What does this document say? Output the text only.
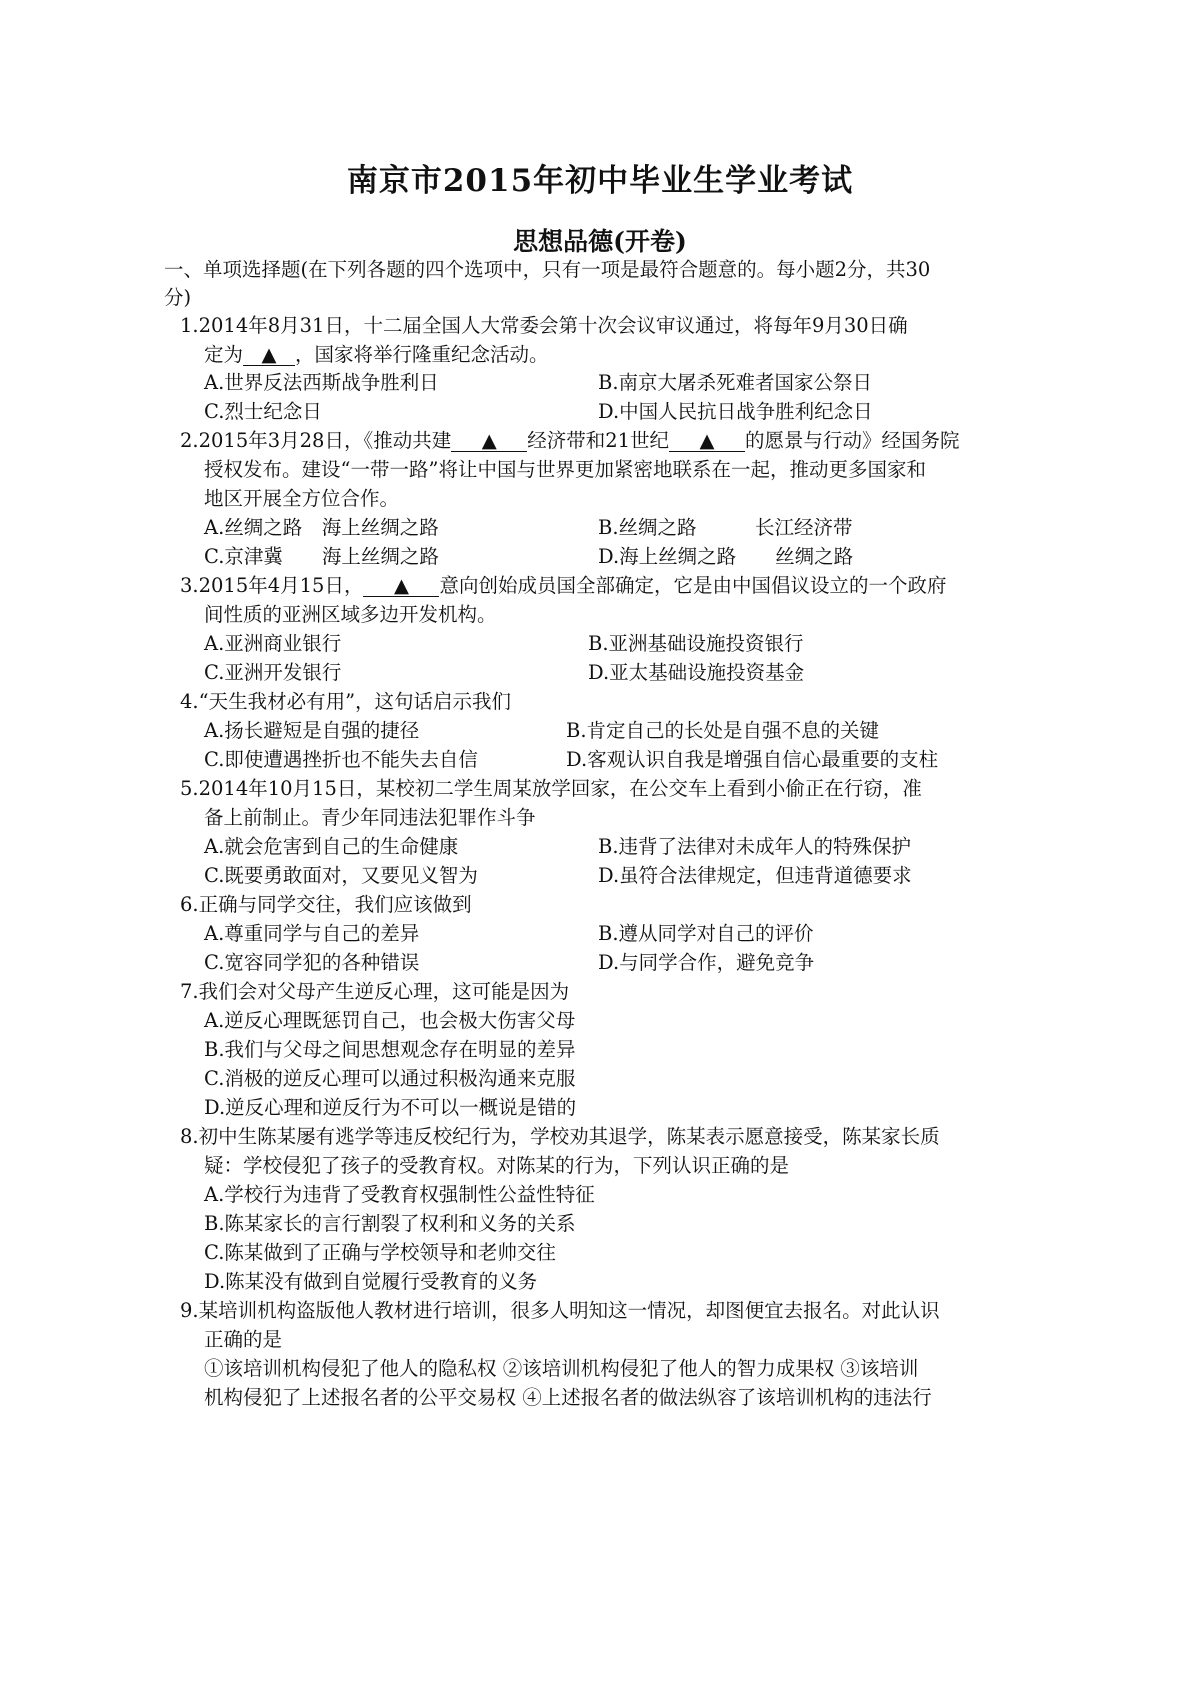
南京市2015年初中毕业生学业考试
思想品德(开卷)
一、单项选择题(在下列各题的四个选项中，只有一项是最符合题意的。每小题2分，共30
分)
1.2014年8月31日，十二届全国人大常委会第十次会议审议通过，将每年9月30日确
定为 ▲ ，国家将举行隆重纪念活动。
A.世界反法西斯战争胜利日	B.南京大屠杀死难者国家公祭日
C.烈士纪念日	D.中国人民抗日战争胜利纪念日
2.2015年3月28日，《推动共建 ▲ 经济带和21世纪 ▲ 的愿景与行动》经国务院
授权发布。建设“一带一路”将让中国与世界更加紧密地联系在一起，推动更多国家和
地区开展全方位合作。
A.丝绸之路　海上丝绸之路	B.丝绸之路　　　长江经济带
C.京津冀　　海上丝绸之路	D.海上丝绸之路　　丝绸之路
3.2015年4月15日， ▲ 意向创始成员国全部确定，它是由中国倡议设立的一个政府
间性质的亚洲区域多边开发机构。
A.亚洲商业银行	B.亚洲基础设施投资银行
C.亚洲开发银行	D.亚太基础设施投资基金
4.“天生我材必有用”，这句话启示我们
A.扬长避短是自强的捷径	B.肯定自己的长处是自强不息的关键
C.即使遭遇挫折也不能失去自信	D.客观认识自我是增强自信心最重要的支柱
5.2014年10月15日，某校初二学生周某放学回家，在公交车上看到小偷正在行窃，准
备上前制止。青少年同违法犯罪作斗争
A.就会危害到自己的生命健康	B.违背了法律对未成年人的特殊保护
C.既要勇敢面对，又要见义智为	D.虽符合法律规定，但违背道德要求
6.正确与同学交往，我们应该做到
A.尊重同学与自己的差异	B.遵从同学对自己的评价
C.宽容同学犯的各种错误	D.与同学合作，避免竞争
7.我们会对父母产生逆反心理，这可能是因为
A.逆反心理既惩罚自己，也会极大伤害父母
B.我们与父母之间思想观念存在明显的差异
C.消极的逆反心理可以通过积极沟通来克服
D.逆反心理和逆反行为不可以一概说是错的
8.初中生陈某屡有逃学等违反校纪行为，学校劝其退学，陈某表示愿意接受，陈某家长质
疑：学校侵犯了孩子的受教育权。对陈某的行为，下列认识正确的是
A.学校行为违背了受教育权强制性公益性特征
B.陈某家长的言行割裂了权利和义务的关系
C.陈某做到了正确与学校领导和老帅交往
D.陈某没有做到自觉履行受教育的义务
9.某培训机构盗版他人教材进行培训，很多人明知这一情况，却图便宜去报名。对此认识
正确的是
①该培训机构侵犯了他人的隐私权 ②该培训机构侵犯了他人的智力成果权 ③该培训
机构侵犯了上述报名者的公平交易权 ④上述报名者的做法纵容了该培训机构的违法行
